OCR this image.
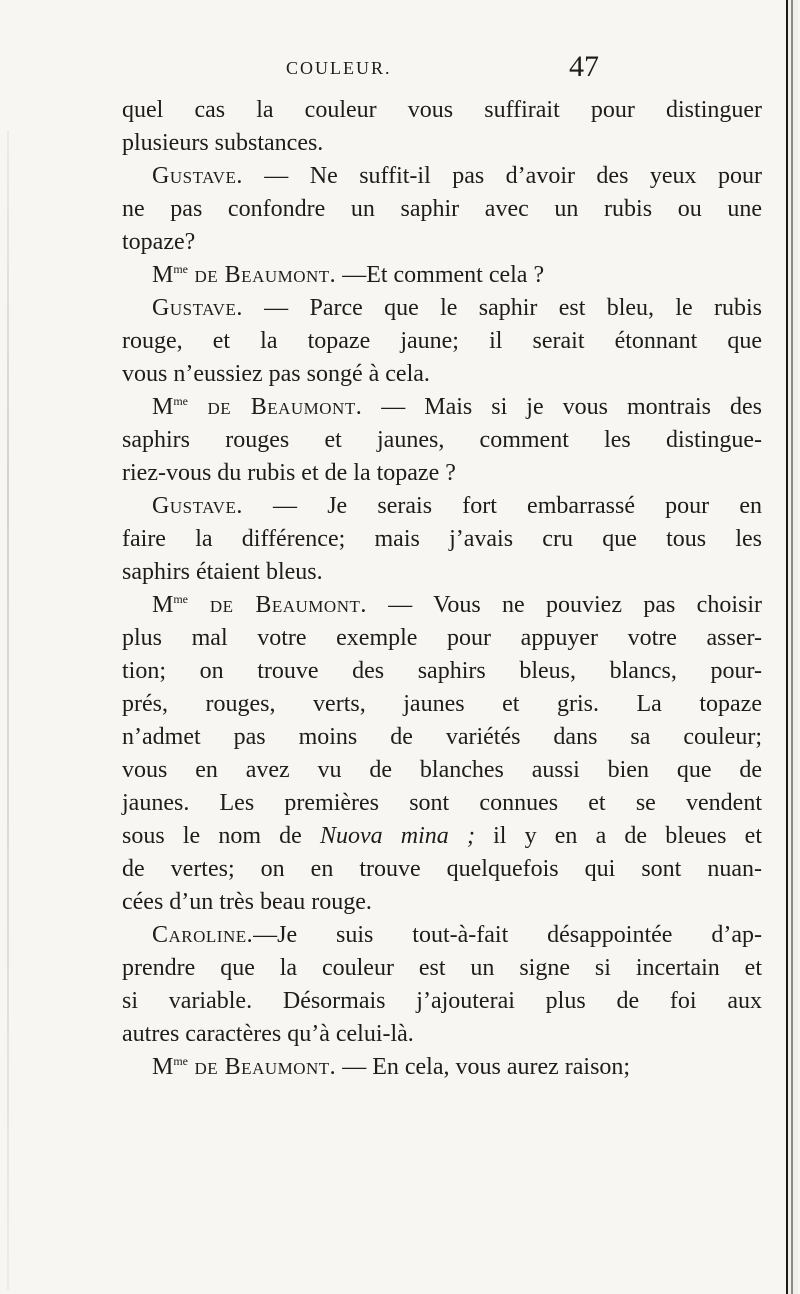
COULEUR.	47
quel cas la couleur vous suffirait pour distinguer
plusieurs substances.
Gustave. — Ne suffit-il pas d’avoir des yeux pour
ne pas confondre un saphir avec un rubis ou une
topaze?
$M^{me}$ de Beaumont. —Et comment cela ?
Gustave. — Parce que le saphir est bleu, le rubis
rouge, et la topaze jaune; il serait étonnant que
vous n’eussiez pas songé à cela.
$M^{me}$ de Beaumont. — Mais si je vous montrais des
saphirs rouges et jaunes, comment les distingue-
riez-vous du rubis et de la topaze ?
Gustave. — Je serais fort embarrassé pour en
faire la différence; mais j’avais cru que tous les
saphirs étaient bleus.
$M^{me}$ de Beaumont. — Vous ne pouviez pas choisir
plus mal votre exemple pour appuyer votre asser-
tion; on trouve des saphirs bleus, blancs, pour-
prés, rouges, verts, jaunes et gris. La topaze
n’admet pas moins de variétés dans sa couleur;
vous en avez vu de blanches aussi bien que de
jaunes. Les premières sont connues et se vendent
sous le nom de Nuova mina ; il y en a de bleues et
de vertes; on en trouve quelquefois qui sont nuan-
cées d’un très beau rouge.
Caroline.—Je suis tout-à-fait désappointée d’ap-
prendre que la couleur est un signe si incertain et
si variable. Désormais j’ajouterai plus de foi aux
autres caractères qu’à celui-là.
$M^{me}$ de Beaumont. — En cela, vous aurez raison;
